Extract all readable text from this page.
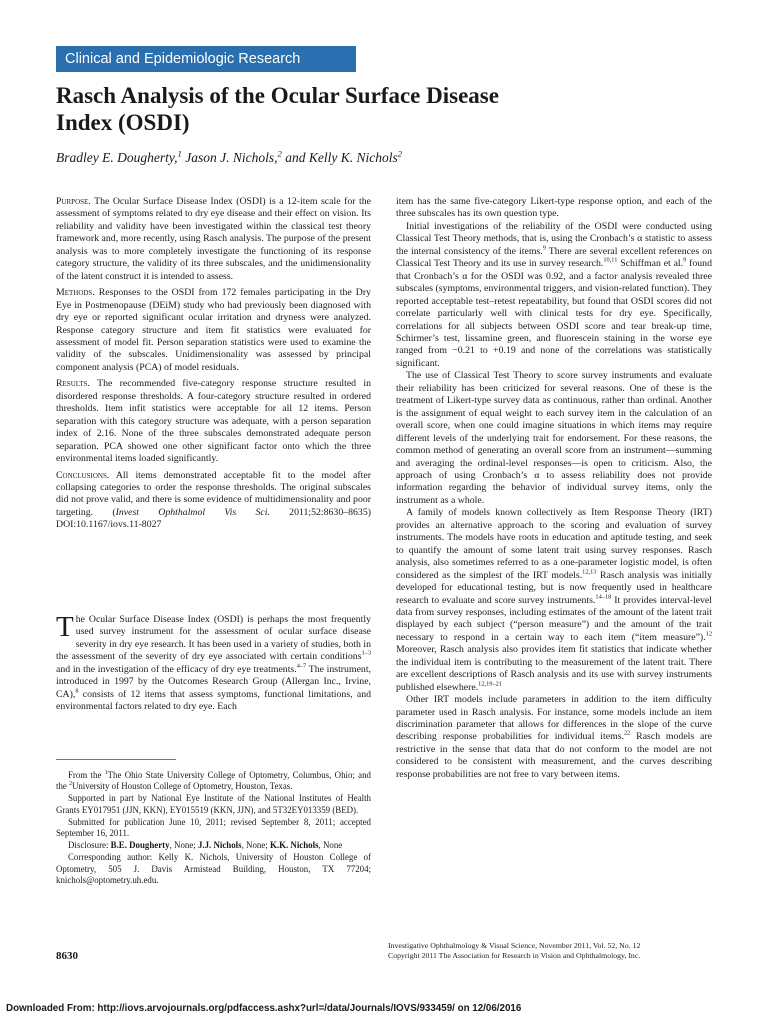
Clinical and Epidemiologic Research
Rasch Analysis of the Ocular Surface Disease
Index (OSDI)
Bradley E. Dougherty,$^1$ Jason J. Nichols,$^2$ and Kelly K. Nichols$^2$

Purpose. The Ocular Surface Disease Index (OSDI) is a 12-item scale for the assessment of symptoms related to dry eye disease and their effect on vision. Its reliability and validity have been investigated within the classical test theory framework and, more recently, using Rasch analysis. The purpose of the present analysis was to more completely investigate the functioning of its response category structure, the validity of its three subscales, and the unidimensionality of the latent construct it is intended to assess.

Methods. Responses to the OSDI from 172 females participating in the Dry Eye in Postmenopause (DEiM) study who had previously been diagnosed with dry eye or reported significant ocular irritation and dryness were analyzed. Response category structure and item fit statistics were evaluated for assessment of model fit. Person separation statistics were used to examine the validity of the subscales. Unidimensionality was assessed by principal component analysis (PCA) of model residuals.

Results. The recommended five-category response structure resulted in disordered response thresholds. A four-category structure resulted in ordered thresholds. Item infit statistics were acceptable for all 12 items. Person separation with this category structure was adequate, with a person separation index of 2.16. None of the three subscales demonstrated adequate person separation. PCA showed one other significant factor onto which the three environmental items loaded significantly.

Conclusions. All items demonstrated acceptable fit to the model after collapsing categories to order the response thresholds. The original subscales did not prove valid, and there is some evidence of multidimensionality and poor targeting. (Invest Ophthalmol Vis Sci. 2011;52:8630–8635) DOI:10.1167/iovs.11-8027

The Ocular Surface Disease Index (OSDI) is perhaps the most frequently used survey instrument for the assessment of ocular surface disease severity in dry eye research. It has been used in a variety of studies, both in the assessment of the severity of dry eye associated with certain conditions$^{1-3}$ and in the investigation of the efficacy of dry eye treatments.$^{4-7}$ The instrument, introduced in 1997 by the Outcomes Research Group (Allergan Inc., Irvine, CA),$^8$ consists of 12 items that assess symptoms, functional limitations, and environmental factors related to dry eye. Each

From the $^1$The Ohio State University College of Optometry, Columbus, Ohio; and the $^2$University of Houston College of Optometry, Houston, Texas.

Supported in part by National Eye Institute of the National Institutes of Health Grants EY017951 (JJN, KKN), EY015519 (KKN, JJN), and 5T32EY013359 (BED).

Submitted for publication June 10, 2011; revised September 8, 2011; accepted September 16, 2011.

Disclosure: B.E. Dougherty, None; J.J. Nichols, None; K.K. Nichols, None

Corresponding author: Kelly K. Nichols, University of Houston College of Optometry, 505 J. Davis Armistead Building, Houston, TX 77204; knichols@optometry.uh.edu.

8630

item has the same five-category Likert-type response option, and each of the three subscales has its own question type.

Initial investigations of the reliability of the OSDI were conducted using Classical Test Theory methods, that is, using the Cronbach’s α statistic to assess the internal consistency of the items.$^9$ There are several excellent references on Classical Test Theory and its use in survey research.$^{10,11}$ Schiffman et al.$^9$ found that Cronbach’s α for the OSDI was 0.92, and a factor analysis revealed three subscales (symptoms, environmental triggers, and vision-related function). They reported acceptable test–retest repeatability, but found that OSDI scores did not correlate particularly well with clinical tests for dry eye. Specifically, correlations for all subjects between OSDI score and tear break-up time, Schirmer’s test, lissamine green, and fluorescein staining in the worse eye ranged from −0.21 to +0.19 and none of the correlations was statistically significant.

The use of Classical Test Theory to score survey instruments and evaluate their reliability has been criticized for several reasons. One of these is the treatment of Likert-type survey data as continuous, rather than ordinal. Another is the assignment of equal weight to each survey item in the calculation of an overall score, when one could imagine situations in which items may require different levels of the underlying trait for endorsement. For these reasons, the common method of generating an overall score from an instrument—summing and averaging the ordinal-level responses—is open to criticism. Also, the approach of using Cronbach’s α to assess reliability does not provide information regarding the behavior of individual survey items, only the instrument as a whole.

A family of models known collectively as Item Response Theory (IRT) provides an alternative approach to the scoring and evaluation of survey instruments. The models have roots in education and aptitude testing, and seek to quantify the amount of some latent trait using survey responses. Rasch analysis, also sometimes referred to as a one-parameter logistic model, is often considered as the simplest of the IRT models.$^{12,13}$ Rasch analysis was initially developed for educational testing, but is now frequently used in healthcare research to evaluate and score survey instruments.$^{14-18}$ It provides interval-level data from survey responses, including estimates of the amount of the latent trait displayed by each subject (“person measure”) and the amount of the trait necessary to respond in a certain way to each item (“item measure”).$^{12}$ Moreover, Rasch analysis also provides item fit statistics that indicate whether the individual item is contributing to the measurement of the latent trait. There are excellent descriptions of Rasch analysis and its use with survey instruments published elsewhere.$^{12,19-21}$

Other IRT models include parameters in addition to the item difficulty parameter used in Rasch analysis. For instance, some models include an item discrimination parameter that allows for differences in the slope of the curve describing response probabilities for individual items.$^{22}$ Rasch models are restrictive in the sense that data that do not conform to the model are not considered to be consistent with measurement, and the curves describing response probabilities are not free to vary between items.

Investigative Ophthalmology & Visual Science, November 2011, Vol. 52, No. 12
Copyright 2011 The Association for Research in Vision and Ophthalmology, Inc.
Downloaded From: http://iovs.arvojournals.org/pdfaccess.ashx?url=/data/Journals/IOVS/933459/ on 12/06/2016
